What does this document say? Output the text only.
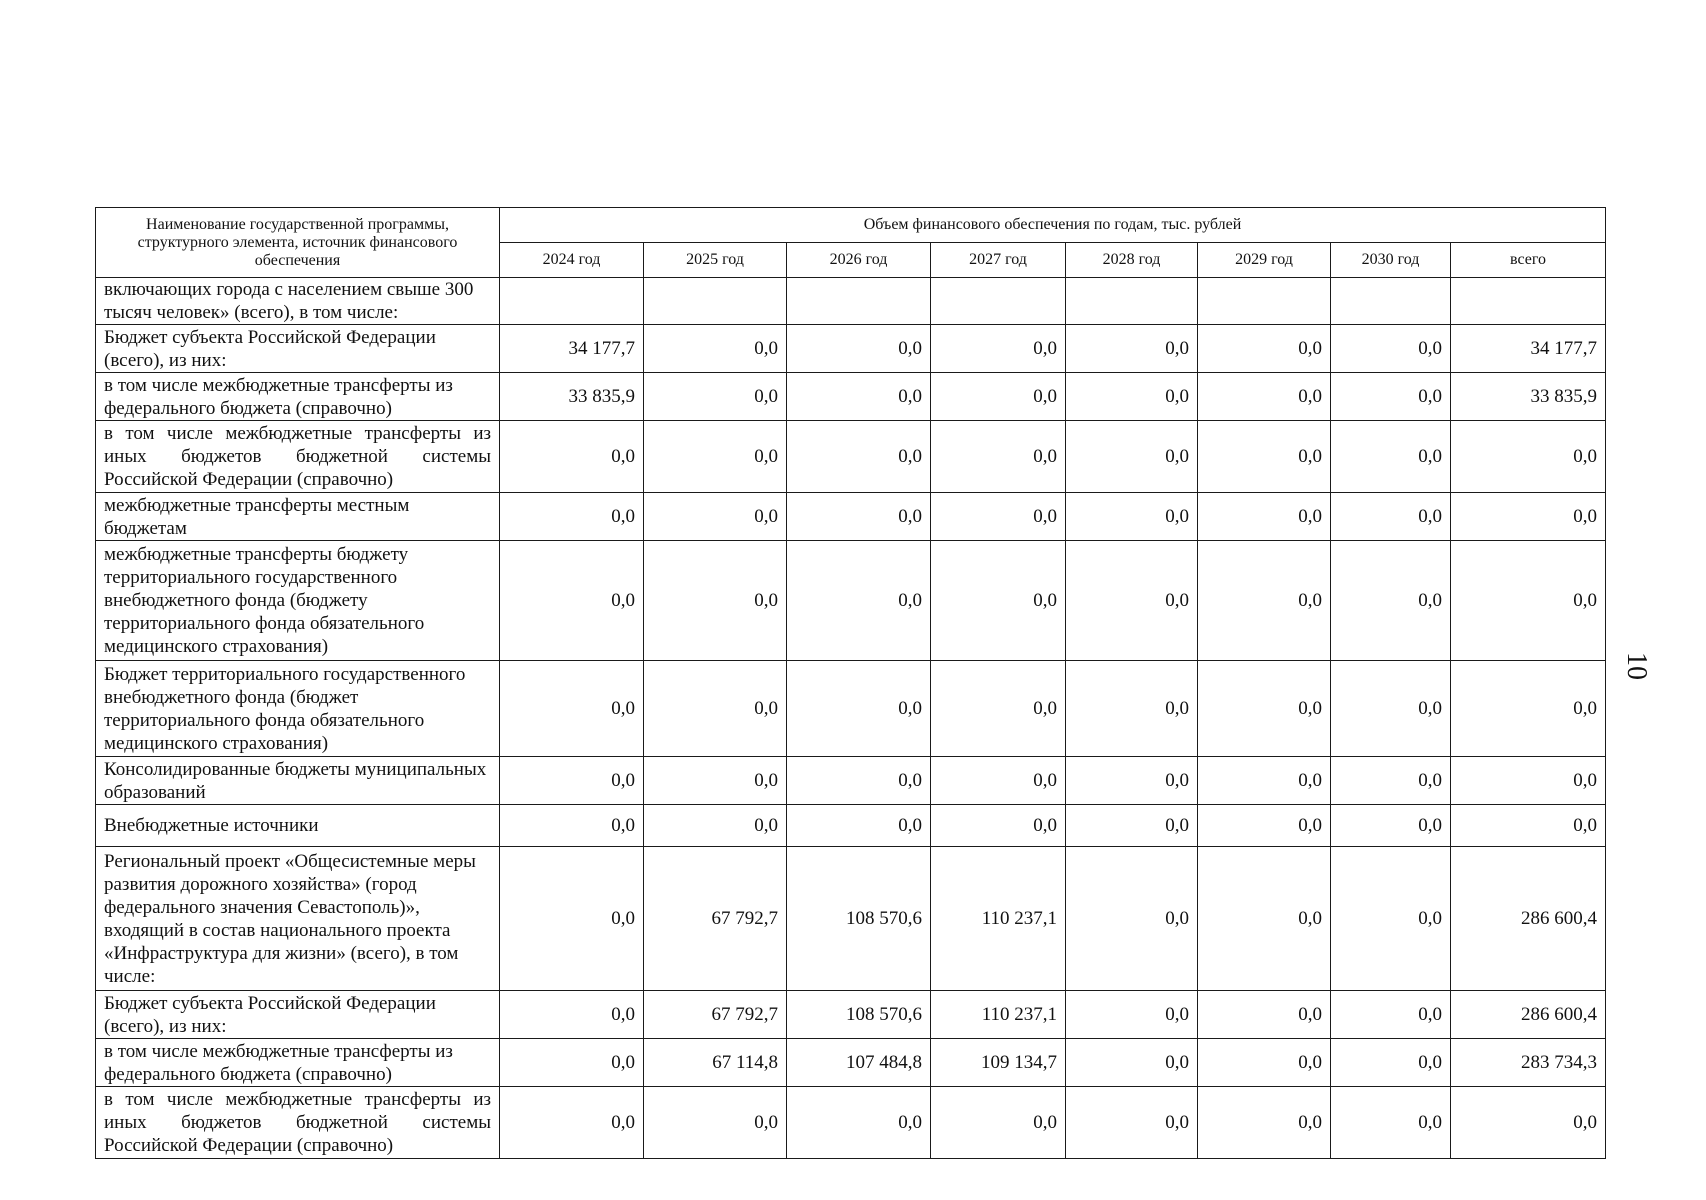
Наименование государственной программы, структурного элемента, источник финансового обеспечения	Объем финансового обеспечения по годам, тыс. рублей							
	2024 год	2025 год	2026 год	2027 год	2028 год	2029 год	2030 год	всего
включающих города с населением свыше 300 тысяч человек» (всего), в том числе:								
Бюджет субъекта Российской Федерации (всего), из них:	34 177,7	0,0	0,0	0,0	0,0	0,0	0,0	34 177,7
в том числе межбюджетные трансферты из федерального бюджета (справочно)	33 835,9	0,0	0,0	0,0	0,0	0,0	0,0	33 835,9
в том числе межбюджетные трансферты из иных бюджетов бюджетной системы Российской Федерации (справочно)	0,0	0,0	0,0	0,0	0,0	0,0	0,0	0,0
межбюджетные трансферты местным бюджетам	0,0	0,0	0,0	0,0	0,0	0,0	0,0	0,0
межбюджетные трансферты бюджету территориального государственного внебюджетного фонда (бюджету территориального фонда обязательного медицинского страхования)	0,0	0,0	0,0	0,0	0,0	0,0	0,0	0,0
Бюджет территориального государственного внебюджетного фонда (бюджет территориального фонда обязательного медицинского страхования)	0,0	0,0	0,0	0,0	0,0	0,0	0,0	0,0
Консолидированные бюджеты муниципальных образований	0,0	0,0	0,0	0,0	0,0	0,0	0,0	0,0
Внебюджетные источники	0,0	0,0	0,0	0,0	0,0	0,0	0,0	0,0
Региональный проект «Общесистемные меры развития дорожного хозяйства» (город федерального значения Севастополь)», входящий в состав национального проекта «Инфраструктура для жизни» (всего), в том числе:	0,0	67 792,7	108 570,6	110 237,1	0,0	0,0	0,0	286 600,4
Бюджет субъекта Российской Федерации (всего), из них:	0,0	67 792,7	108 570,6	110 237,1	0,0	0,0	0,0	286 600,4
в том числе межбюджетные трансферты из федерального бюджета (справочно)	0,0	67 114,8	107 484,8	109 134,7	0,0	0,0	0,0	283 734,3
в том числе межбюджетные трансферты из иных бюджетов бюджетной системы Российской Федерации (справочно)	0,0	0,0	0,0	0,0	0,0	0,0	0,0	0,0
10
